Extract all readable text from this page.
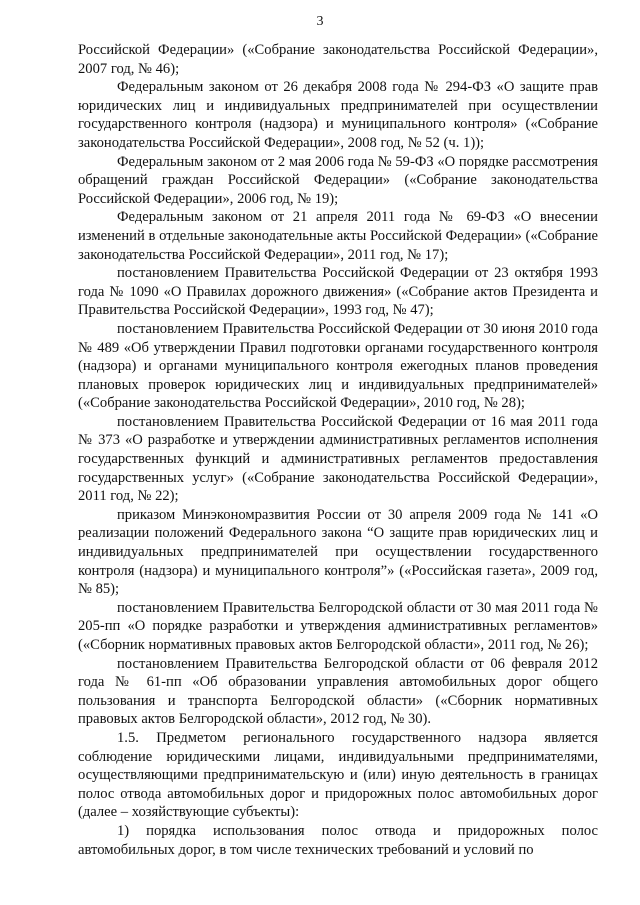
3

Российской Федерации» («Собрание законодательства Российской Федерации», 2007 год, № 46);

Федеральным законом от 26 декабря 2008 года № 294-ФЗ «О защите прав юридических лиц и индивидуальных предпринимателей при осуществлении государственного контроля (надзора) и муниципального контроля» («Собрание законодательства Российской Федерации», 2008 год, № 52 (ч. 1));

Федеральным законом от 2 мая 2006 года № 59-ФЗ «О порядке рассмотрения обращений граждан Российской Федерации» («Собрание законодательства Российской Федерации», 2006 год, № 19);

Федеральным законом от 21 апреля 2011 года № 69-ФЗ «О внесении изменений в отдельные законодательные акты Российской Федерации» («Собрание законодательства Российской Федерации», 2011 год, № 17);

постановлением Правительства Российской Федерации от 23 октября 1993 года № 1090 «О Правилах дорожного движения» («Собрание актов Президента и Правительства Российской Федерации», 1993 год, № 47);

постановлением Правительства Российской Федерации от 30 июня 2010 года № 489 «Об утверждении Правил подготовки органами государственного контроля (надзора) и органами муниципального контроля ежегодных планов проведения плановых проверок юридических лиц и индивидуальных предпринимателей» («Собрание законодательства Российской Федерации», 2010 год, № 28);

постановлением Правительства Российской Федерации от 16 мая 2011 года № 373 «О разработке и утверждении административных регламентов исполнения государственных функций и административных регламентов предоставления государственных услуг» («Собрание законодательства Российской Федерации», 2011 год, № 22);

приказом Минэкономразвития России от 30 апреля 2009 года № 141 «О реализации положений Федерального закона “О защите прав юридических лиц и индивидуальных предпринимателей при осуществлении государственного контроля (надзора) и муниципального контроля”» («Российская газета», 2009 год, № 85);

постановлением Правительства Белгородской области от 30 мая 2011 года № 205-пп «О порядке разработки и утверждения административных регламентов» («Сборник нормативных правовых актов Белгородской области», 2011 год, № 26);

постановлением Правительства Белгородской области от 06 февраля 2012 года № 61-пп «Об образовании управления автомобильных дорог общего пользования и транспорта Белгородской области» («Сборник нормативных правовых актов Белгородской области», 2012 год, № 30).

1.5. Предметом регионального государственного надзора является соблюдение юридическими лицами, индивидуальными предпринимателями, осуществляющими предпринимательскую и (или) иную деятельность в границах полос отвода автомобильных дорог и придорожных полос автомобильных дорог (далее – хозяйствующие субъекты):

1) порядка использования полос отвода и придорожных полос автомобильных дорог, в том числе технических требований и условий по
